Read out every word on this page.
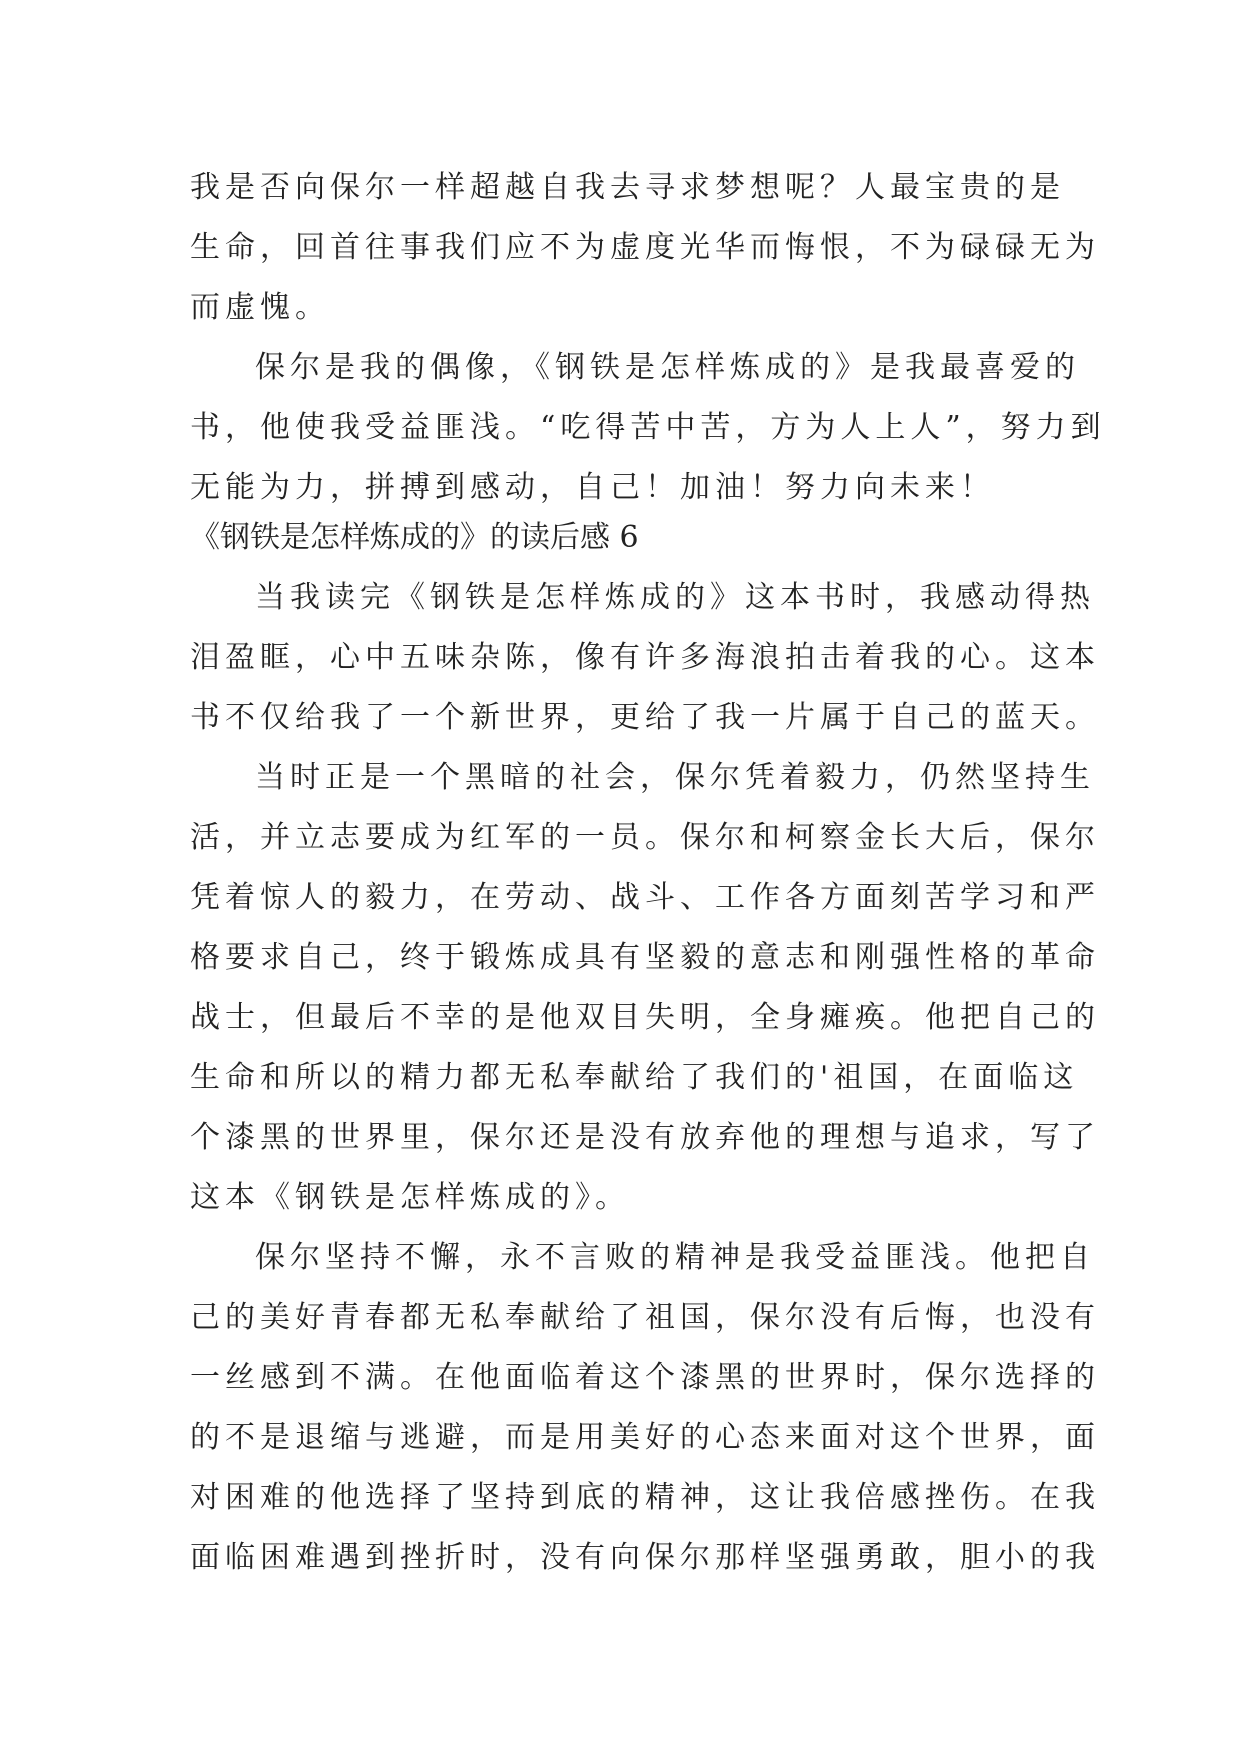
我是否向保尔一样超越自我去寻求梦想呢？人最宝贵的是
生命，回首往事我们应不为虚度光华而悔恨，不为碌碌无为
而虚愧。
保尔是我的偶像，《钢铁是怎样炼成的》是我最喜爱的
书，他使我受益匪浅。“吃得苦中苦，方为人上人”，努力到
无能为力，拼搏到感动，自己！加油！努力向未来！
《钢铁是怎样炼成的》的读后感 6
当我读完《钢铁是怎样炼成的》这本书时，我感动得热
泪盈眶，心中五味杂陈，像有许多海浪拍击着我的心。这本
书不仅给我了一个新世界，更给了我一片属于自己的蓝天。
当时正是一个黑暗的社会，保尔凭着毅力，仍然坚持生
活，并立志要成为红军的一员。保尔和柯察金长大后，保尔
凭着惊人的毅力，在劳动、战斗、工作各方面刻苦学习和严
格要求自己，终于锻炼成具有坚毅的意志和刚强性格的革命
战士，但最后不幸的是他双目失明，全身瘫痪。他把自己的
生命和所以的精力都无私奉献给了我们的'祖国，在面临这
个漆黑的世界里，保尔还是没有放弃他的理想与追求，写了
这本《钢铁是怎样炼成的》。
保尔坚持不懈，永不言败的精神是我受益匪浅。他把自
己的美好青春都无私奉献给了祖国，保尔没有后悔，也没有
一丝感到不满。在他面临着这个漆黑的世界时，保尔选择的
的不是退缩与逃避，而是用美好的心态来面对这个世界，面
对困难的他选择了坚持到底的精神，这让我倍感挫伤。在我
面临困难遇到挫折时，没有向保尔那样坚强勇敢，胆小的我
